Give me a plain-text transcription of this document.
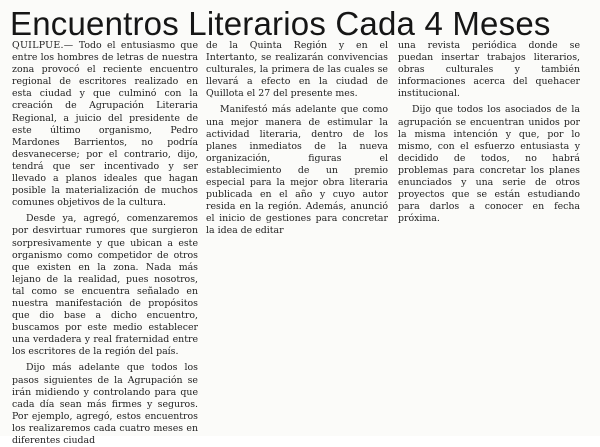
Encuentros Literarios Cada 4 Meses

QUILPUE.— Todo el entusiasmo que entre los hombres de letras de nuestra zona provocó el reciente encuentro regional de escritores realizado en esta ciudad y que culminó con la creación de Agrupación Literaria Regional, a juicio del presidente de este último organismo, Pedro Mardones Barrientos, no podría desvanecerse; por el contrario, dijo, tendrá que ser incentivado y ser llevado a planos ideales que hagan posible la materialización de muchos comunes objetivos de la cultura.

Desde ya, agregó, comenzaremos por desvirtuar rumores que surgieron sorpresivamente y que ubican a este organismo como competidor de otros que existen en la zona. Nada más lejano de la realidad, pues nosotros, tal como se encuentra señalado en nuestra manifestación de propósitos que dio base a dicho encuentro, buscamos por este medio establecer una verdadera y real fraternidad entre los escritores de la región del país.

Dijo más adelante que todos los pasos siguientes de la Agrupación se irán midiendo y controlando para que cada día sean más firmes y seguros. Por ejemplo, agregó, estos encuentros los realizaremos cada cuatro meses en diferentes ciudad

de la Quinta Región y en el Intertanto, se realizarán convivencias culturales, la primera de las cuales se llevará a efecto en la ciudad de Quillota el 27 del presente mes.

Manifestó más adelante que como una mejor manera de estimular la actividad literaria, dentro de los planes inmediatos de la nueva organización, figuras el establecimiento de un premio especial para la mejor obra literaria publicada en el año y cuyo autor resida en la región. Además, anunció el inicio de gestiones para concretar la idea de editar

una revista periódica donde se puedan insertar trabajos literarios, obras culturales y también informaciones acerca del quehacer institucional.

Dijo que todos los asociados de la agrupación se encuentran unidos por la misma intención y que, por lo mismo, con el esfuerzo entusiasta y decidido de todos, no habrá problemas para concretar los planes enunciados y una serie de otros proyectos que se están estudiando para darlos a conocer en fecha próxima.
